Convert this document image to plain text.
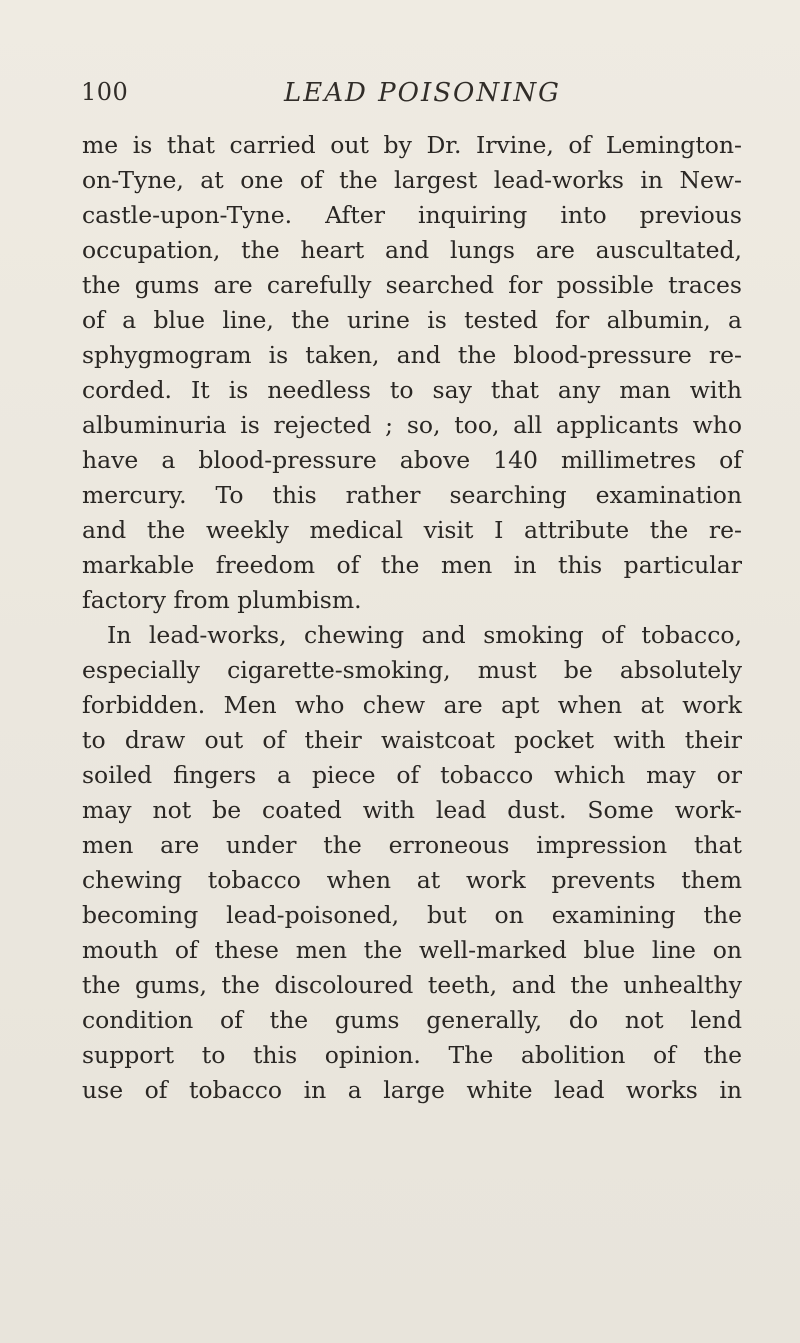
100	LEAD POISONING
me is that carried out by Dr. Irvine, of Lemington-
on-Tyne, at one of the largest lead-works in New-
castle-upon-Tyne. After inquiring into previous
occupation, the heart and lungs are auscultated,
the gums are carefully searched for possible traces
of a blue line, the urine is tested for albumin, a
sphygmogram is taken, and the blood-pressure re-
corded. It is needless to say that any man with
albuminuria is rejected ; so, too, all applicants who
have a blood-pressure above 140 millimetres of
mercury. To this rather searching examination
and the weekly medical visit I attribute the re-
markable freedom of the men in this particular
factory from plumbism.
In lead-works, chewing and smoking of tobacco,
especially cigarette-smoking, must be absolutely
forbidden. Men who chew are apt when at work
to draw out of their waistcoat pocket with their
soiled fingers a piece of tobacco which may or
may not be coated with lead dust. Some work-
men are under the erroneous impression that
chewing tobacco when at work prevents them
becoming lead-poisoned, but on examining the
mouth of these men the well-marked blue line on
the gums, the discoloured teeth, and the unhealthy
condition of the gums generally, do not lend
support to this opinion. The abolition of the
use of tobacco in a large white lead works in
